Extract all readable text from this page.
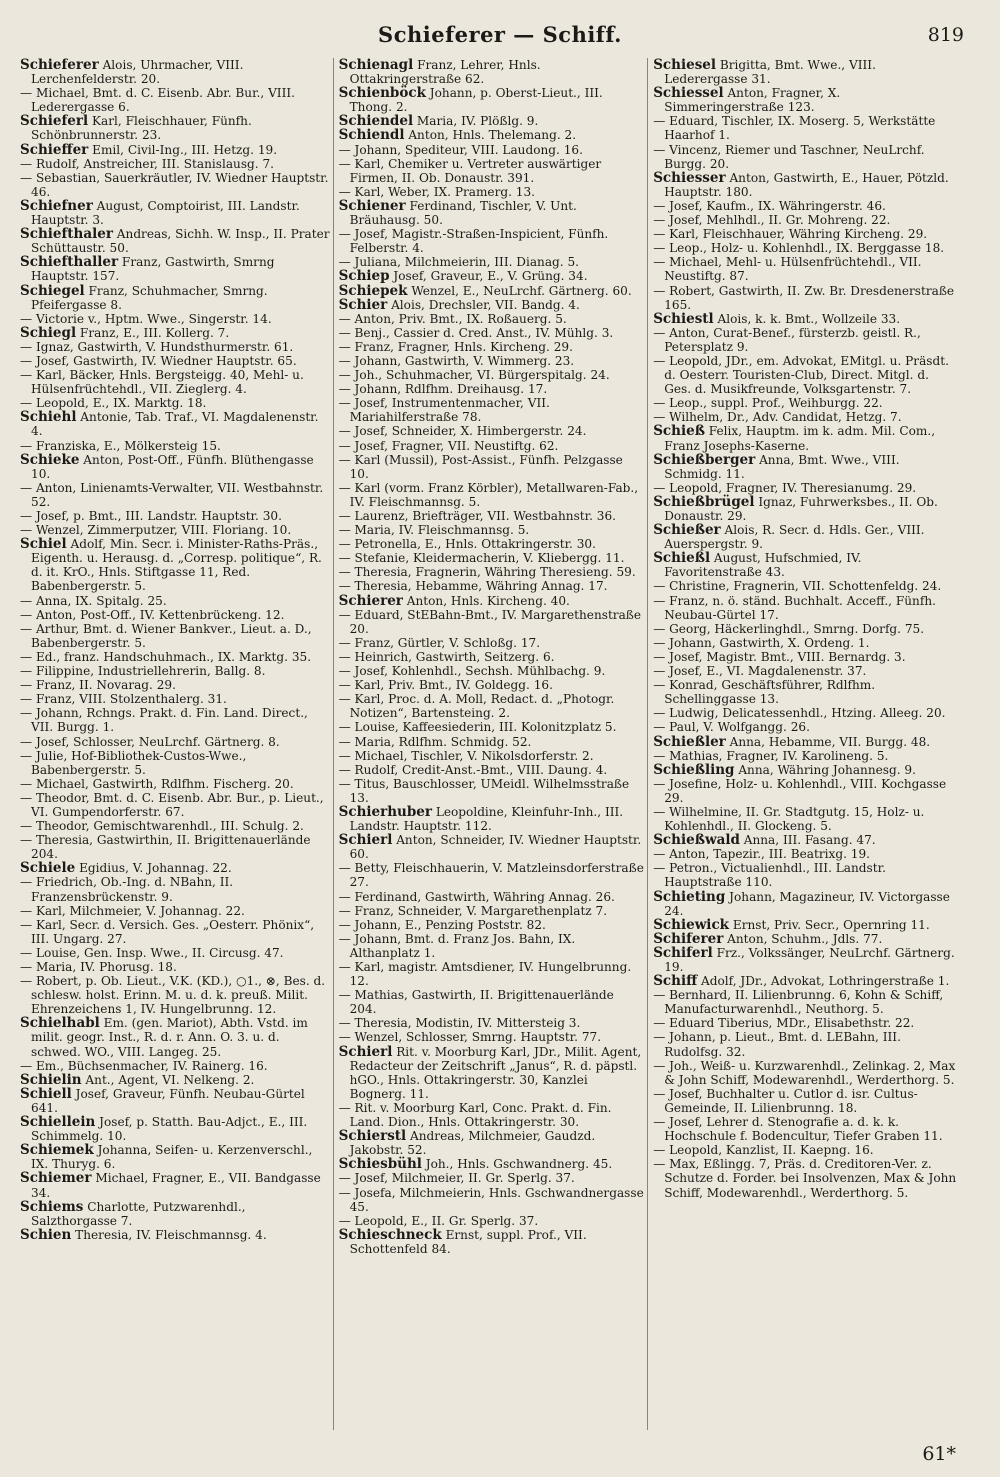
Schieferer — Schiff.	819

Schieferer Alois, Uhrmacher, VIII. Lerchenfelderstr. 20.

— Michael, Bmt. d. C. Eisenb. Abr. Bur., VIII. Lederergasse 6.

Schieferl Karl, Fleischhauer, Fünfh. Schönbrunnerstr. 23.

Schieffer Emil, Civil-Ing., III. Hetzg. 19.

— Rudolf, Anstreicher, III. Stanislausg. 7.

— Sebastian, Sauerkräutler, IV. Wiedner Hauptstr. 46.

Schiefner August, Comptoirist, III. Landstr. Hauptstr. 3.

Schiefthaler Andreas, Sichh. W. Insp., II. Prater Schüttaustr. 50.

Schiefthaller Franz, Gastwirth, Smrng Hauptstr. 157.

Schiegel Franz, Schuhmacher, Smrng. Pfeifergasse 8.

— Victorie v., Hptm. Wwe., Singerstr. 14.

Schiegl Franz, E., III. Kollerg. 7.

— Ignaz, Gastwirth, V. Hundsthurmerstr. 61.

— Josef, Gastwirth, IV. Wiedner Hauptstr. 65.

— Karl, Bäcker, Hnls. Bergsteigg. 40, Mehl- u. Hülsenfrüchtehdl., VII. Zieglerg. 4.

— Leopold, E., IX. Marktg. 18.

Schiehl Antonie, Tab. Traf., VI. Magdalenenstr. 4.

— Franziska, E., Mölkersteig 15.

Schieke Anton, Post-Off., Fünfh. Blüthengasse 10.

— Anton, Linienamts-Verwalter, VII. Westbahnstr. 52.

— Josef, p. Bmt., III. Landstr. Hauptstr. 30.

— Wenzel, Zimmerputzer, VIII. Floriang. 10.

Schiel Adolf, Min. Secr. i. Minister-Raths-Präs., Eigenth. u. Herausg. d. „Corresp. politique“, R. d. it. KrO., Hnls. Stiftgasse 11, Red. Babenbergerstr. 5.

— Anna, IX. Spitalg. 25.

— Anton, Post-Off., IV. Kettenbrückeng. 12.

— Arthur, Bmt. d. Wiener Bankver., Lieut. a. D., Babenbergerstr. 5.

— Ed., franz. Handschuhmach., IX. Marktg. 35.

— Filippine, Industriellehrerin, Ballg. 8.

— Franz, II. Novarag. 29.

— Franz, VIII. Stolzenthalerg. 31.

— Johann, Rchngs. Prakt. d. Fin. Land. Direct., VII. Burgg. 1.

— Josef, Schlosser, NeuLrchf. Gärtnerg. 8.

— Julie, Hof-Bibliothek-Custos-Wwe., Babenbergerstr. 5.

— Michael, Gastwirth, Rdlfhm. Fischerg. 20.

— Theodor, Bmt. d. C. Eisenb. Abr. Bur., p. Lieut., VI. Gumpendorferstr. 67.

— Theodor, Gemischtwarenhdl., III. Schulg. 2.

— Theresia, Gastwirthin, II. Brigittenauerlände 204.

Schiele Egidius, V. Johannag. 22.

— Friedrich, Ob.-Ing. d. NBahn, II. Franzensbrückenstr. 9.

— Karl, Milchmeier, V. Johannag. 22.

— Karl, Secr. d. Versich. Ges. „Oesterr. Phönix“, III. Ungarg. 27.

— Louise, Gen. Insp. Wwe., II. Circusg. 47.

— Maria, IV. Phorusg. 18.

— Robert, p. Ob. Lieut., V.K. (KD.), ○1., ⊗, Bes. d. schlesw. holst. Erinn. M. u. d. k. preuß. Milit. Ehrenzeichens 1, IV. Hungelbrunng. 12.

Schielhabl Em. (gen. Mariot), Abth. Vstd. im milit. geogr. Inst., R. d. r. Ann. O. 3. u. d. schwed. WO., VIII. Langeg. 25.

— Em., Büchsenmacher, IV. Rainerg. 16.

Schielin Ant., Agent, VI. Nelkeng. 2.

Schiell Josef, Graveur, Fünfh. Neubau-Gürtel 641.

Schiellein Josef, p. Statth. Bau-Adjct., E., III. Schimmelg. 10.

Schiemek Johanna, Seifen- u. Kerzenverschl., IX. Thuryg. 6.

Schiemer Michael, Fragner, E., VII. Bandgasse 34.

Schiems Charlotte, Putzwarenhdl., Salzthorgasse 7.

Schien Theresia, IV. Fleischmannsg. 4.

Schienagl Franz, Lehrer, Hnls. Ottakringerstraße 62.

Schienböck Johann, p. Oberst-Lieut., III. Thong. 2.

Schiendel Maria, IV. Plößlg. 9.

Schiendl Anton, Hnls. Thelemang. 2.

— Johann, Spediteur, VIII. Laudong. 16.

— Karl, Chemiker u. Vertreter auswärtiger Firmen, II. Ob. Donaustr. 391.

— Karl, Weber, IX. Pramerg. 13.

Schiener Ferdinand, Tischler, V. Unt. Bräuhausg. 50.

— Josef, Magistr.-Straßen-Inspicient, Fünfh. Felberstr. 4.

— Juliana, Milchmeierin, III. Dianag. 5.

Schiep Josef, Graveur, E., V. Grüng. 34.

Schiepek Wenzel, E., NeuLrchf. Gärtnerg. 60.

Schier Alois, Drechsler, VII. Bandg. 4.

— Anton, Priv. Bmt., IX. Roßauerg. 5.

— Benj., Cassier d. Cred. Anst., IV. Mühlg. 3.

— Franz, Fragner, Hnls. Kircheng. 29.

— Johann, Gastwirth, V. Wimmerg. 23.

— Joh., Schuhmacher, VI. Bürgerspitalg. 24.

— Johann, Rdlfhm. Dreihausg. 17.

— Josef, Instrumentenmacher, VII. Mariahilferstraße 78.

— Josef, Schneider, X. Himbergerstr. 24.

— Josef, Fragner, VII. Neustiftg. 62.

— Karl (Mussil), Post-Assist., Fünfh. Pelzgasse 10.

— Karl (vorm. Franz Körbler), Metallwaren-Fab., IV. Fleischmannsg. 5.

— Laurenz, Briefträger, VII. Westbahnstr. 36.

— Maria, IV. Fleischmannsg. 5.

— Petronella, E., Hnls. Ottakringerstr. 30.

— Stefanie, Kleidermacherin, V. Kliebergg. 11.

— Theresia, Fragnerin, Währing Theresieng. 59.

— Theresia, Hebamme, Währing Annag. 17.

Schierer Anton, Hnls. Kircheng. 40.

— Eduard, StEBahn-Bmt., IV. Margarethenstraße 20.

— Franz, Gürtler, V. Schloßg. 17.

— Heinrich, Gastwirth, Seitzerg. 6.

— Josef, Kohlenhdl., Sechsh. Mühlbachg. 9.

— Karl, Priv. Bmt., IV. Goldegg. 16.

— Karl, Proc. d. A. Moll, Redact. d. „Photogr. Notizen“, Bartensteing. 2.

— Louise, Kaffeesiederin, III. Kolonitzplatz 5.

— Maria, Rdlfhm. Schmidg. 52.

— Michael, Tischler, V. Nikolsdorferstr. 2.

— Rudolf, Credit-Anst.-Bmt., VIII. Daung. 4.

— Titus, Bauschlosser, UMeidl. Wilhelmsstraße 13.

Schierhuber Leopoldine, Kleinfuhr-Inh., III. Landstr. Hauptstr. 112.

Schierl Anton, Schneider, IV. Wiedner Hauptstr. 60.

— Betty, Fleischhauerin, V. Matzleinsdorferstraße 27.

— Ferdinand, Gastwirth, Währing Annag. 26.

— Franz, Schneider, V. Margarethenplatz 7.

— Johann, E., Penzing Poststr. 82.

— Johann, Bmt. d. Franz Jos. Bahn, IX. Althanplatz 1.

— Karl, magistr. Amtsdiener, IV. Hungelbrunng. 12.

— Mathias, Gastwirth, II. Brigittenauerlände 204.

— Theresia, Modistin, IV. Mittersteig 3.

— Wenzel, Schlosser, Smrng. Hauptstr. 77.

Schierl Rit. v. Moorburg Karl, JDr., Milit. Agent, Redacteur der Zeitschrift „Janus“, R. d. päpstl. hGO., Hnls. Ottakringerstr. 30, Kanzlei Bognerg. 11.

— Rit. v. Moorburg Karl, Conc. Prakt. d. Fin. Land. Dion., Hnls. Ottakringerstr. 30.

Schierstl Andreas, Milchmeier, Gaudzd. Jakobstr. 52.

Schiesbühl Joh., Hnls. Gschwandnerg. 45.

— Josef, Milchmeier, II. Gr. Sperlg. 37.

— Josefa, Milchmeierin, Hnls. Gschwandnergasse 45.

— Leopold, E., II. Gr. Sperlg. 37.

Schieschneck Ernst, suppl. Prof., VII. Schottenfeld 84.

Schiesel Brigitta, Bmt. Wwe., VIII. Lederergasse 31.

Schiessel Anton, Fragner, X. Simmeringerstraße 123.

— Eduard, Tischler, IX. Moserg. 5, Werkstätte Haarhof 1.

— Vincenz, Riemer und Taschner, NeuLrchf. Burgg. 20.

Schiesser Anton, Gastwirth, E., Hauer, Pötzld. Hauptstr. 180.

— Josef, Kaufm., IX. Währingerstr. 46.

— Josef, Mehlhdl., II. Gr. Mohreng. 22.

— Karl, Fleischhauer, Währing Kircheng. 29.

— Leop., Holz- u. Kohlenhdl., IX. Berggasse 18.

— Michael, Mehl- u. Hülsenfrüchtehdl., VII. Neustiftg. 87.

— Robert, Gastwirth, II. Zw. Br. Dresdenerstraße 165.

Schiestl Alois, k. k. Bmt., Wollzeile 33.

— Anton, Curat-Benef., fürsterzb. geistl. R., Petersplatz 9.

— Leopold, JDr., em. Advokat, EMitgl. u. Präsdt. d. Oesterr. Touristen-Club, Direct. Mitgl. d. Ges. d. Musikfreunde, Volksgartenstr. 7.

— Leop., suppl. Prof., Weihburgg. 22.

— Wilhelm, Dr., Adv. Candidat, Hetzg. 7.

Schieß Felix, Hauptm. im k. adm. Mil. Com., Franz Josephs-Kaserne.

Schießberger Anna, Bmt. Wwe., VIII. Schmidg. 11.

— Leopold, Fragner, IV. Theresianumg. 29.

Schießbrügel Ignaz, Fuhrwerksbes., II. Ob. Donaustr. 29.

Schießer Alois, R. Secr. d. Hdls. Ger., VIII. Auerspergstr. 9.

Schießl August, Hufschmied, IV. Favoritenstraße 43.

— Christine, Fragnerin, VII. Schottenfeldg. 24.

— Franz, n. ö. ständ. Buchhalt. Acceff., Fünfh. Neubau-Gürtel 17.

— Georg, Häckerlinghdl., Smrng. Dorfg. 75.

— Johann, Gastwirth, X. Ordeng. 1.

— Josef, Magistr. Bmt., VIII. Bernardg. 3.

— Josef, E., VI. Magdalenenstr. 37.

— Konrad, Geschäftsführer, Rdlfhm. Schellinggasse 13.

— Ludwig, Delicatessenhdl., Htzing. Alleeg. 20.

— Paul, V. Wolfgangg. 26.

Schießler Anna, Hebamme, VII. Burgg. 48.

— Mathias, Fragner, IV. Karolineng. 5.

Schießling Anna, Währing Johannesg. 9.

— Josefine, Holz- u. Kohlenhdl., VIII. Kochgasse 29.

— Wilhelmine, II. Gr. Stadtgutg. 15, Holz- u. Kohlenhdl., II. Glockeng. 5.

Schießwald Anna, III. Fasang. 47.

— Anton, Tapezir., III. Beatrixg. 19.

— Petron., Victualienhdl., III. Landstr. Hauptstraße 110.

Schieting Johann, Magazineur, IV. Victorgasse 24.

Schiewick Ernst, Priv. Secr., Opernring 11.

Schiferer Anton, Schuhm., Jdls. 77.

Schiferl Frz., Volkssänger, NeuLrchf. Gärtnerg. 19.

Schiff Adolf, JDr., Advokat, Lothringerstraße 1.

— Bernhard, II. Lilienbrunng. 6, Kohn & Schiff, Manufacturwarenhdl., Neuthorg. 5.

— Eduard Tiberius, MDr., Elisabethstr. 22.

— Johann, p. Lieut., Bmt. d. LEBahn, III. Rudolfsg. 32.

— Joh., Weiß- u. Kurzwarenhdl., Zelinkag. 2, Max & John Schiff, Modewarenhdl., Werderthorg. 5.

— Josef, Buchhalter u. Cutlor d. isr. Cultus-Gemeinde, II. Lilienbrunng. 18.

— Josef, Lehrer d. Stenografie a. d. k. k. Hochschule f. Bodencultur, Tiefer Graben 11.

— Leopold, Kanzlist, II. Kaepng. 16.

— Max, Eßlingg. 7, Präs. d. Creditoren-Ver. z. Schutze d. Forder. bei Insolvenzen, Max & John Schiff, Modewarenhdl., Werderthorg. 5.

61*
